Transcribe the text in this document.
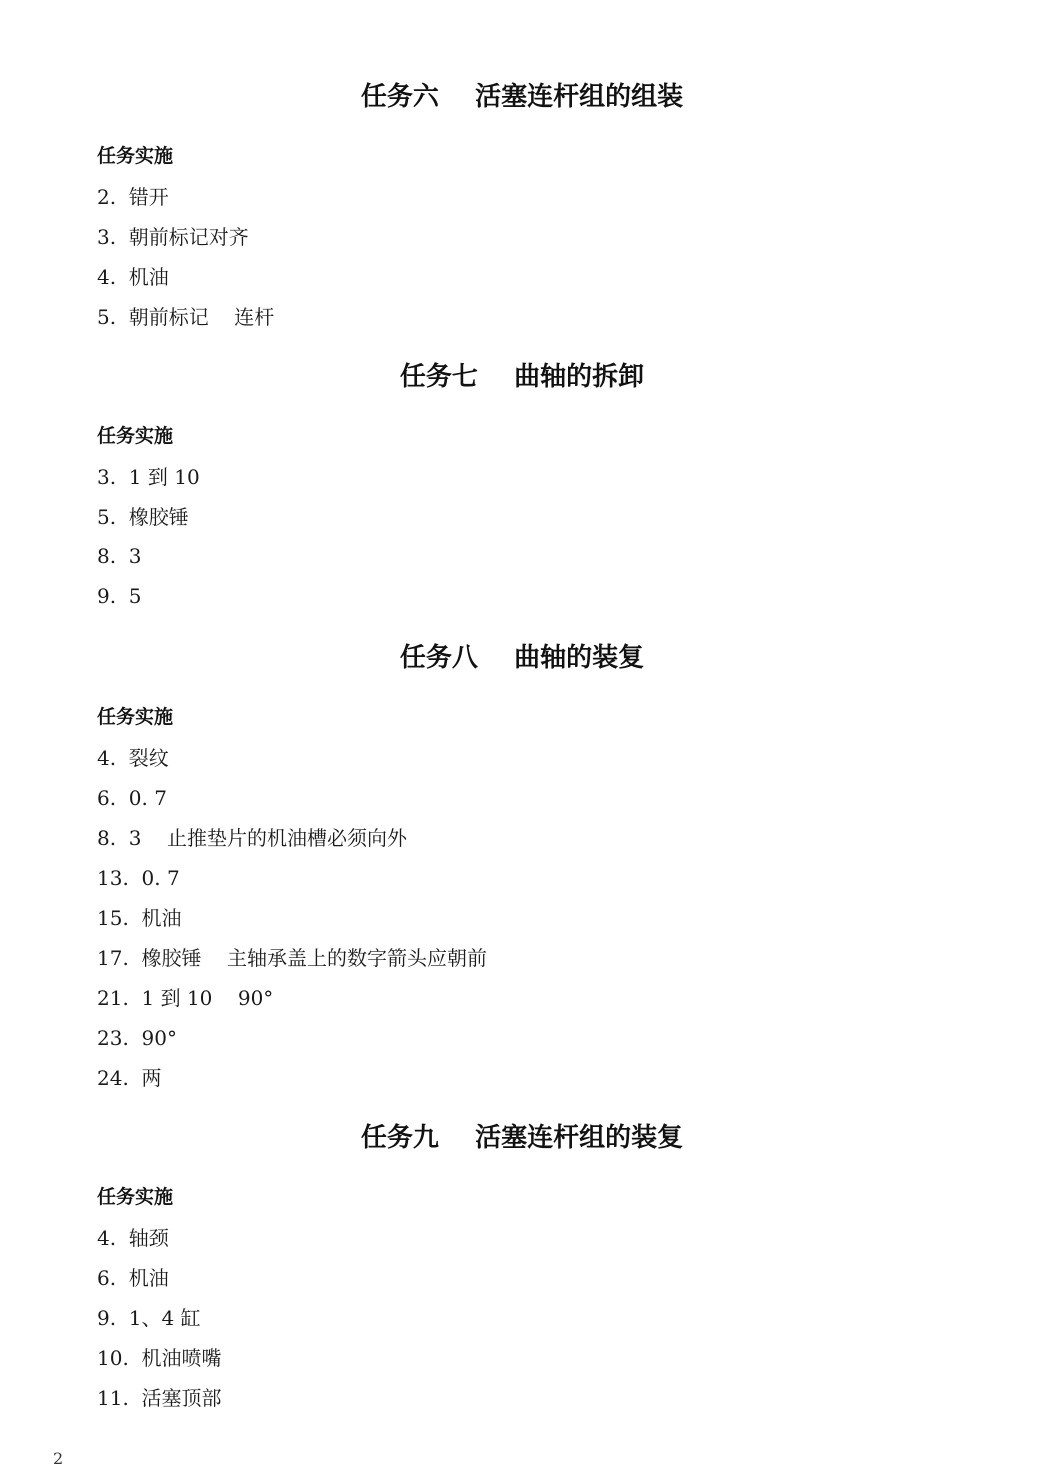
任务六    活塞连杆组的组装
任务实施
2.  错开
3.  朝前标记对齐
4.  机油
5.  朝前标记    连杆
任务七    曲轴的拆卸
任务实施
3.  1 到 10
5.  橡胶锤
8.  3
9.  5
任务八    曲轴的装复
任务实施
4.  裂纹
6.  0. 7
8.  3    止推垫片的机油槽必须向外
13.  0. 7
15.  机油
17.  橡胶锤    主轴承盖上的数字箭头应朝前
21.  1 到 10    90°
23.  90°
24.  两
任务九    活塞连杆组的装复
任务实施
4.  轴颈
6.  机油
9.  1、4 缸
10.  机油喷嘴
11.  活塞顶部
2
